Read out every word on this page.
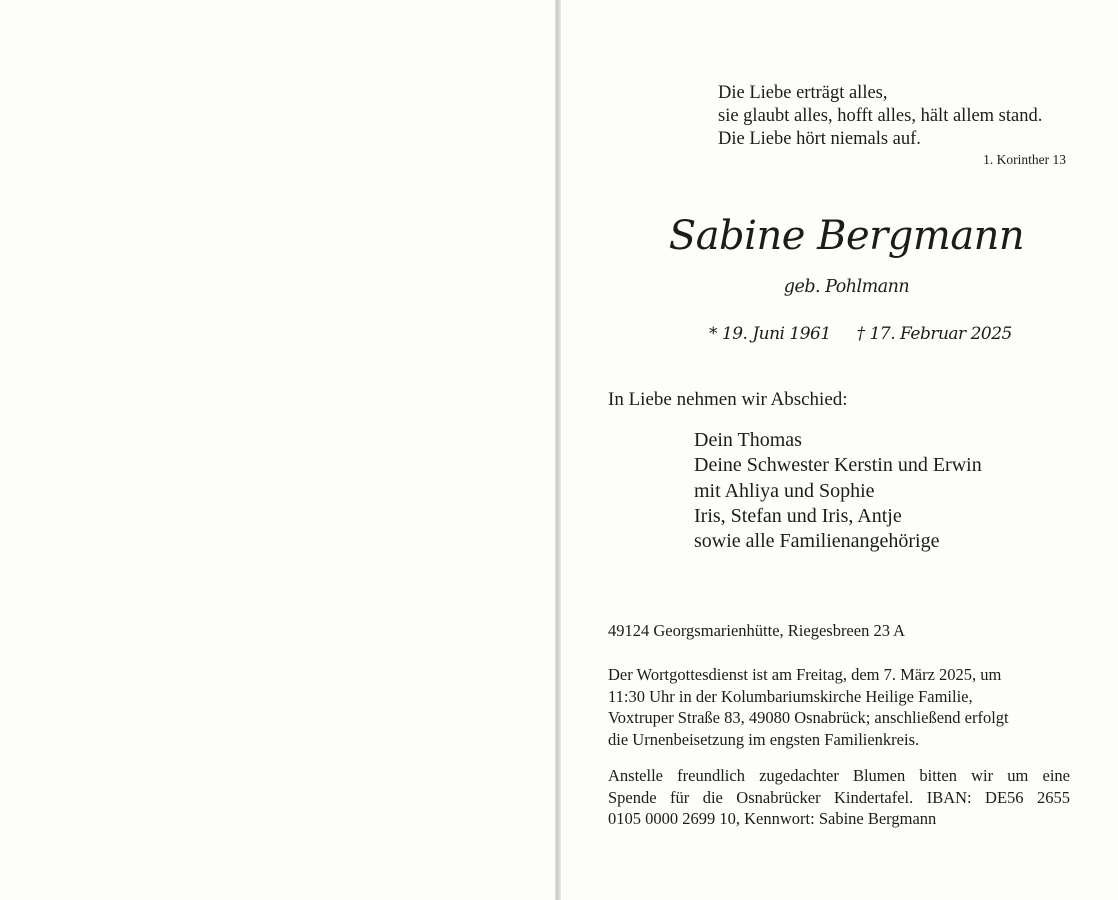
Die Liebe erträgt alles,
sie glaubt alles, hofft alles, hält allem stand.
Die Liebe hört niemals auf.
1. Korinther 13
Sabine Bergmann
geb. Pohlmann
* 19. Juni 1961 † 17. Februar 2025
In Liebe nehmen wir Abschied:
Dein Thomas
Deine Schwester Kerstin und Erwin
mit Ahliya und Sophie
Iris, Stefan und Iris, Antje
sowie alle Familienangehörige
49124 Georgsmarienhütte, Riegesbreen 23 A
Der Wortgottesdienst ist am Freitag, dem 7. März 2025, um
11:30 Uhr in der Kolumbariumskirche Heilige Familie,
Voxtruper Straße 83, 49080 Osnabrück; anschließend erfolgt
die Urnenbeisetzung im engsten Familienkreis.
Anstelle freundlich zugedachter Blumen bitten wir um eine
Spende für die Osnabrücker Kindertafel. IBAN: DE56 2655
0105 0000 2699 10, Kennwort: Sabine Bergmann
